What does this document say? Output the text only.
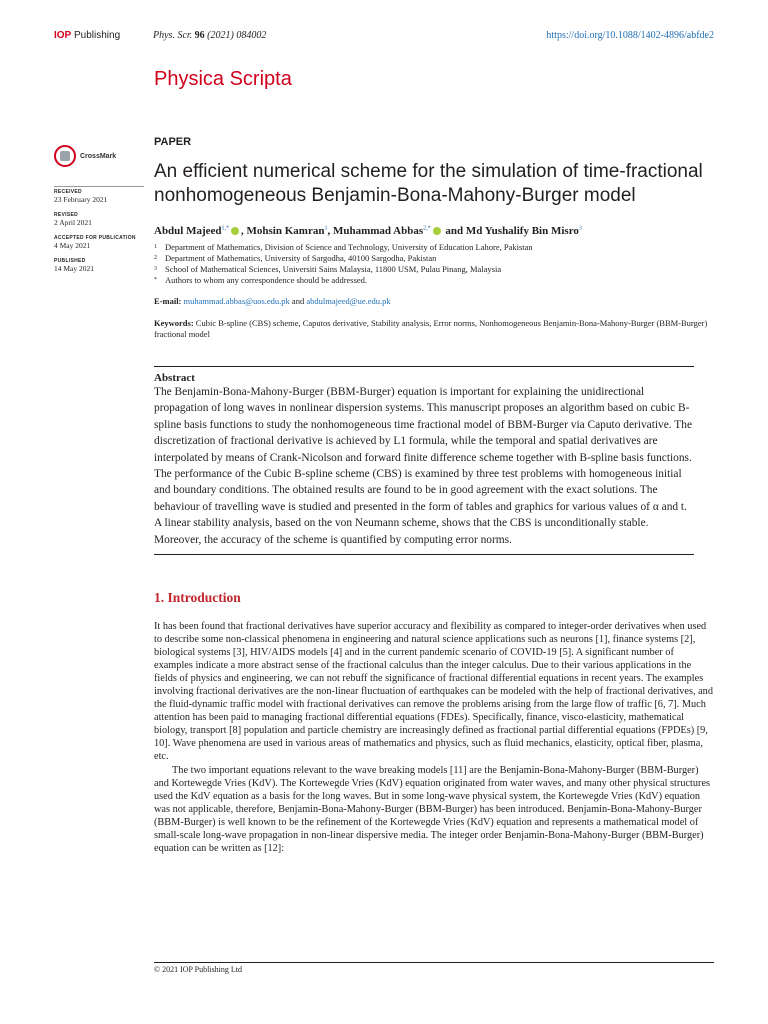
IOP Publishing	Phys. Scr. 96 (2021) 084002	https://doi.org/10.1088/1402-4896/abfde2
Physica Scripta
CrossMark
RECEIVED
23 February 2021
REVISED
2 April 2021
ACCEPTED FOR PUBLICATION
4 May 2021
PUBLISHED
14 May 2021
PAPER
An efficient numerical scheme for the simulation of time-fractional
nonhomogeneous Benjamin-Bona-Mahony-Burger model
Abdul Majeed$^{1,*}$ , Mohsin Kamran$^1$, Muhammad Abbas$^{2,*}$ and Md Yushalify Bin Misro$^3$
1 Department of Mathematics, Division of Science and Technology, University of Education Lahore, Pakistan
2 Department of Mathematics, University of Sargodha, 40100 Sargodha, Pakistan
3 School of Mathematical Sciences, Universiti Sains Malaysia, 11800 USM, Pulau Pinang, Malaysia
* Authors to whom any correspondence should be addressed.
E-mail: muhammad.abbas@uos.edu.pk and abdulmajeed@ue.edu.pk
Keywords: Cubic B-spline (CBS) scheme, Caputos derivative, Stability analysis, Error norms, Nonhomogeneous Benjamin-Bona-Mahony-Burger (BBM-Burger) fractional model
Abstract

The Benjamin-Bona-Mahony-Burger (BBM-Burger) equation is important for explaining the unidirectional propagation of long waves in nonlinear dispersion systems. This manuscript proposes an algorithm based on cubic B-spline basis functions to study the nonhomogeneous time fractional model of BBM-Burger via Caputo derivative. The discretization of fractional derivative is achieved by L1 formula, while the temporal and spatial derivatives are interpolated by means of Crank-Nicolson and forward finite difference scheme together with B-spline basis functions. The performance of the Cubic B-spline scheme (CBS) is examined by three test problems with homogeneous initial and boundary conditions. The obtained results are found to be in good agreement with the exact solutions. The behaviour of travelling wave is studied and presented in the form of tables and graphics for various values of α and t. A linear stability analysis, based on the von Neumann scheme, shows that the CBS is unconditionally stable. Moreover, the accuracy of the scheme is quantified by computing error norms.

1. Introduction

It has been found that fractional derivatives have superior accuracy and flexibility as compared to integer-order derivatives when used to describe some non-classical phenomena in engineering and natural science applications such as neurons [1], finance systems [2], biological systems [3], HIV/AIDS models [4] and in the current pandemic scenario of COVID-19 [5]. A significant number of examples indicate a more abstract sense of the fractional calculus than the integer calculus. Due to their various applications in the fields of physics and engineering, we can not rebuff the significance of fractional differential equations in recent years. The examples involving fractional derivatives are the non-linear fluctuation of earthquakes can be modeled with the help of fractional derivatives, and the fluid-dynamic traffic model with fractional derivatives can remove the problems arising from the large flow of traffic [6, 7]. Much attention has been paid to managing fractional differential equations (FDEs). Specifically, finance, visco-elasticity, mathematical biology, transport [8] population and particle chemistry are increasingly defined as fractional partial differential equations (FPDEs) [9, 10]. Wave phenomena are used in various areas of mathematics and physics, such as fluid mechanics, elasticity, optical fiber, plasma, etc.

The two important equations relevant to the wave breaking models [11] are the Benjamin-Bona-Mahony-Burger (BBM-Burger) and Kortewegde Vries (KdV). The Kortewegde Vries (KdV) equation originated from water waves, and many other physical structures used the KdV equation as a basis for the long waves. But in some long-wave physical system, the Kortewegde Vries (KdV) equation was not applicable, therefore, Benjamin-Bona-Mahony-Burger (BBM-Burger) has been introduced. Benjamin-Bona-Mahony-Burger (BBM-Burger) is well known to be the refinement of the Kortewegde Vries (KdV) equation and represents a mathematical model of small-scale long-wave propagation in non-linear dispersive media. The integer order Benjamin-Bona-Mahony-Burger (BBM-Burger) equation can be written as [12]:

© 2021 IOP Publishing Ltd
